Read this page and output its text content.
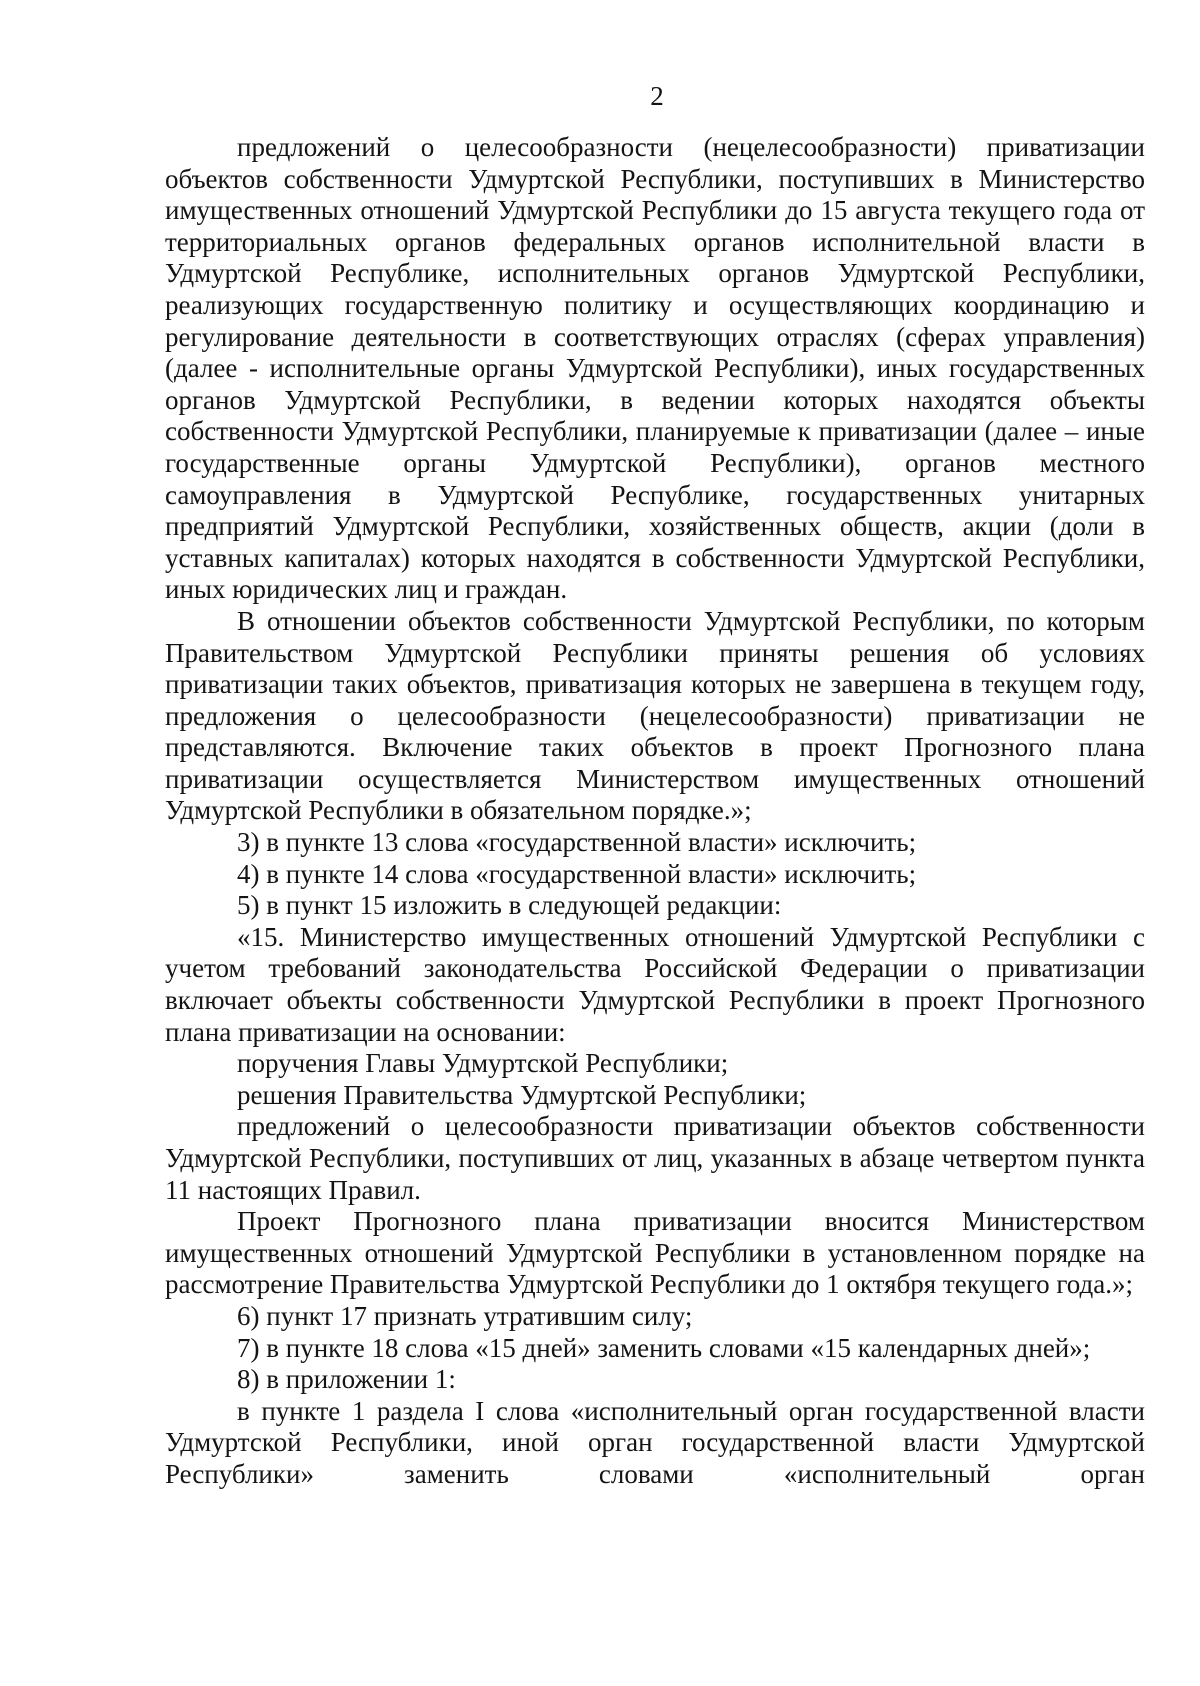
2

предложений о целесообразности (нецелесообразности) приватизации объектов собственности Удмуртской Республики, поступивших в Министерство имущественных отношений Удмуртской Республики до 15 августа текущего года от территориальных органов федеральных органов исполнительной власти в Удмуртской Республике, исполнительных органов Удмуртской Республики, реализующих государственную политику и осуществляющих координацию и регулирование деятельности в соответствующих отраслях (сферах управления) (далее - исполнительные органы Удмуртской Республики), иных государственных органов Удмуртской Республики, в ведении которых находятся объекты собственности Удмуртской Республики, планируемые к приватизации (далее – иные государственные органы Удмуртской Республики), органов местного самоуправления в Удмуртской Республике, государственных унитарных предприятий Удмуртской Республики, хозяйственных обществ, акции (доли в уставных капиталах) которых находятся в собственности Удмуртской Республики, иных юридических лиц и граждан.

В отношении объектов собственности Удмуртской Республики, по которым Правительством Удмуртской Республики приняты решения об условиях приватизации таких объектов, приватизация которых не завершена в текущем году, предложения о целесообразности (нецелесообразности) приватизации не представляются. Включение таких объектов в проект Прогнозного плана приватизации осуществляется Министерством имущественных отношений Удмуртской Республики в обязательном порядке.»;

3) в пункте 13 слова «государственной власти» исключить;

4) в пункте 14 слова «государственной власти» исключить;

5) в пункт 15 изложить в следующей редакции:

«15. Министерство имущественных отношений Удмуртской Республики с учетом требований законодательства Российской Федерации о приватизации включает объекты собственности Удмуртской Республики в проект Прогнозного плана приватизации на основании:

поручения Главы Удмуртской Республики;

решения Правительства Удмуртской Республики;

предложений о целесообразности приватизации объектов собственности Удмуртской Республики, поступивших от лиц, указанных в абзаце четвертом пункта 11 настоящих Правил.

Проект Прогнозного плана приватизации вносится Министерством имущественных отношений Удмуртской Республики в установленном порядке на рассмотрение Правительства Удмуртской Республики до 1 октября текущего года.»;

6) пункт 17 признать утратившим силу;

7) в пункте 18 слова «15 дней» заменить словами «15 календарных дней»;

8) в приложении 1:

в пункте 1 раздела I слова «исполнительный орган государственной власти Удмуртской Республики, иной орган государственной власти Удмуртской Республики» заменить словами «исполнительный орган
